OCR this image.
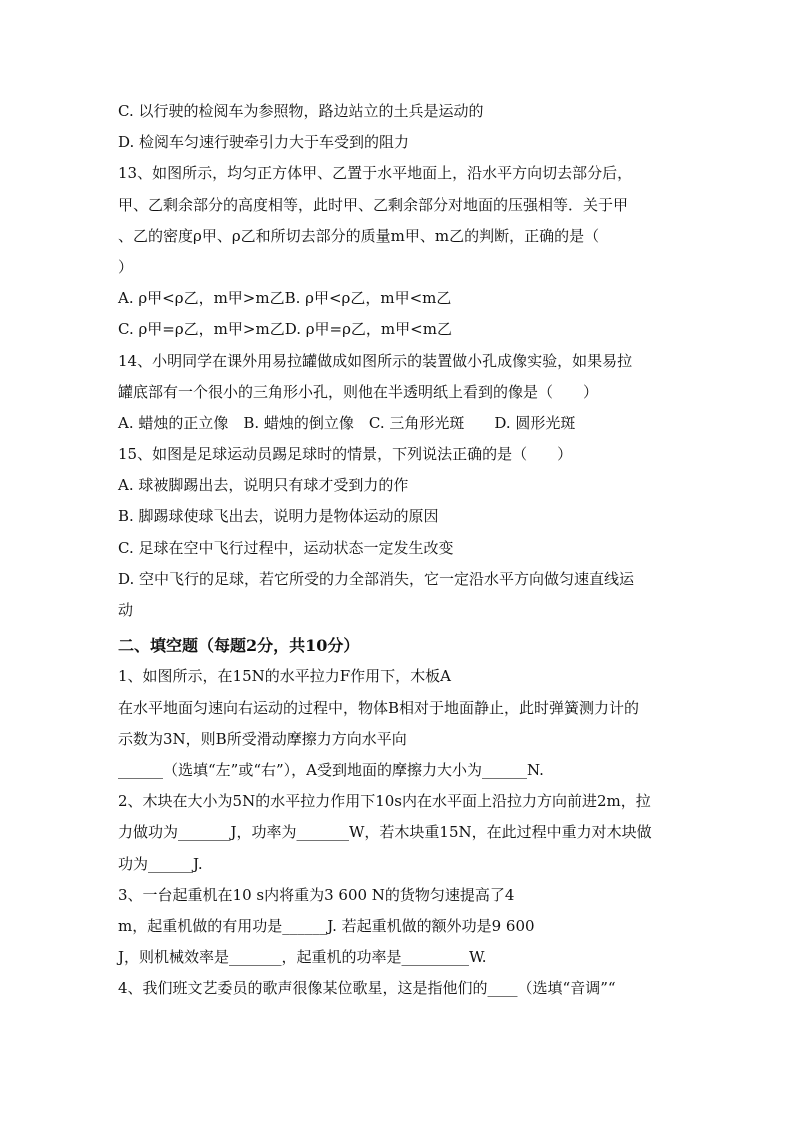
C. 以行驶的检阅车为参照物，路边站立的土兵是运动的
D. 检阅车匀速行驶牵引力大于车受到的阻力
13、如图所示，均匀正方体甲、乙置于水平地面上，沿水平方向切去部分后，
甲、乙剩余部分的高度相等，此时甲、乙剩余部分对地面的压强相等．关于甲
、乙的密度ρ甲、ρ乙和所切去部分的质量m甲、m乙的判断，正确的是（
）
A. ρ甲<ρ乙，m甲>m乙B. ρ甲<ρ乙，m甲<m乙
C. ρ甲=ρ乙，m甲>m乙D. ρ甲=ρ乙，m甲<m乙
14、小明同学在课外用易拉罐做成如图所示的装置做小孔成像实验，如果易拉
罐底部有一个很小的三角形小孔，则他在半透明纸上看到的像是（　　）
A. 蜡烛的正立像　B. 蜡烛的倒立像　C. 三角形光斑　　D. 圆形光斑
15、如图是足球运动员踢足球时的情景，下列说法正确的是（　　）
A. 球被脚踢出去，说明只有球才受到力的作
B. 脚踢球使球飞出去，说明力是物体运动的原因
C. 足球在空中飞行过程中，运动状态一定发生改变
D. 空中飞行的足球，若它所受的力全部消失，它一定沿水平方向做匀速直线运
动
二、填空题（每题2分，共10分）
1、如图所示，在15N的水平拉力F作用下，木板A
在水平地面匀速向右运动的过程中，物体B相对于地面静止，此时弹簧测力计的
示数为3N，则B所受滑动摩擦力方向水平向
______（选填“左”或“右”），A受到地面的摩擦力大小为______N.
2、木块在大小为5N的水平拉力作用下10s内在水平面上沿拉力方向前进2m，拉
力做功为_______J，功率为_______W，若木块重15N，在此过程中重力对木块做
功为______J.
3、一台起重机在10 s内将重为3 600 N的货物匀速提高了4
m，起重机做的有用功是______J. 若起重机做的额外功是9 600
J，则机械效率是_______，起重机的功率是_________W.
4、我们班文艺委员的歌声很像某位歌星，这是指他们的____（选填“音调”“
